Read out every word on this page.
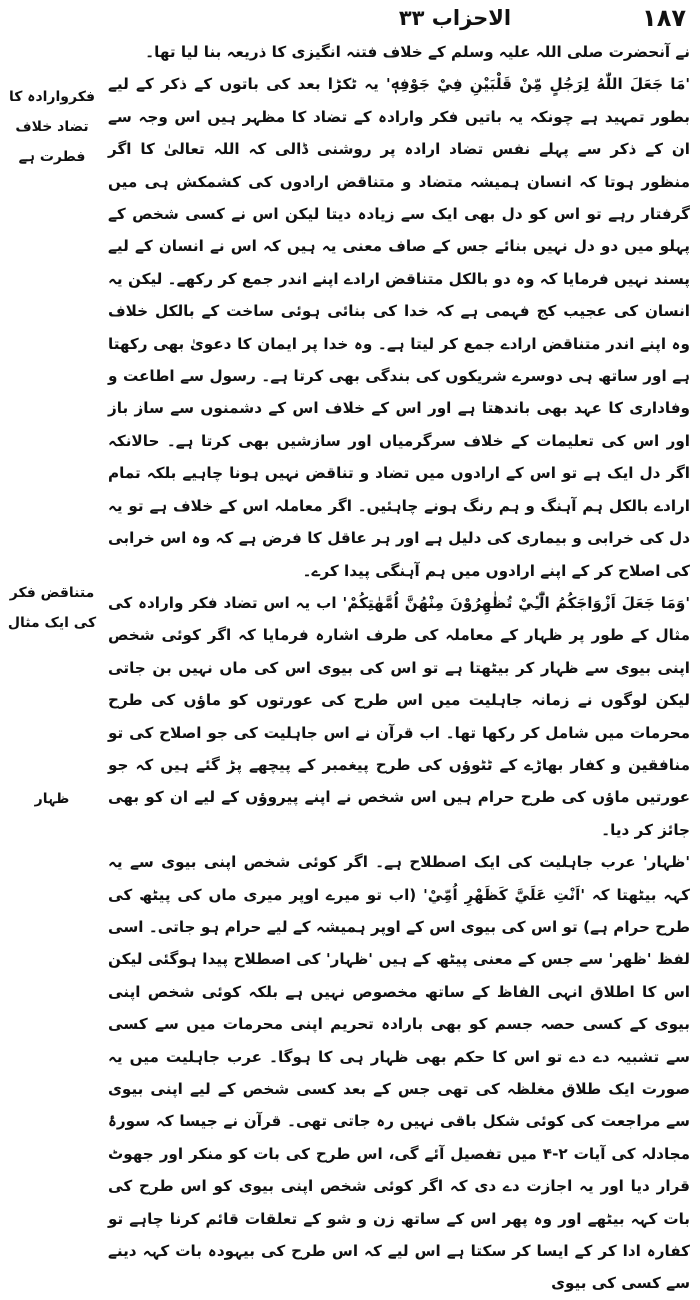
۱۸۷
الاحزاب ۳۳
فکروارادہ کا تضاد خلاف فطرت ہے
متناقض فکر کی ایک مثال
ظہار

نے آنحضرت صلی اللہ علیہ وسلم کے خلاف فتنہ انگیزی کا ذریعہ بنا لیا تھا۔

'مَا جَعَلَ اللّٰهُ لِرَجُلٍ مِّنْ قَلْبَيْنِ فِيْ جَوْفِهٖ' یہ ٹکڑا بعد کی باتوں کے ذکر کے لیے بطور تمہید ہے چونکہ یہ باتیں فکر وارادہ کے تضاد کا مظہر ہیں اس وجہ سے ان کے ذکر سے پہلے نفس تضاد ارادہ پر روشنی ڈالی کہ اللہ تعالیٰ کا اگر منظور ہوتا کہ انسان ہمیشہ متضاد و متناقض ارادوں کی کشمکش ہی میں گرفتار رہے تو اس کو دل بھی ایک سے زیادہ دیتا لیکن اس نے کسی شخص کے پہلو میں دو دل نہیں بنائے جس کے صاف معنی یہ ہیں کہ اس نے انسان کے لیے پسند نہیں فرمایا کہ وہ دو بالکل متناقض ارادے اپنے اندر جمع کر رکھے۔ لیکن یہ انسان کی عجیب کج فہمی ہے کہ خدا کی بنائی ہوئی ساخت کے بالکل خلاف وہ اپنے اندر متناقض ارادے جمع کر لیتا ہے۔ وہ خدا پر ایمان کا دعویٰ بھی رکھتا ہے اور ساتھ ہی دوسرے شریکوں کی بندگی بھی کرتا ہے۔ رسول سے اطاعت و وفاداری کا عہد بھی باندھتا ہے اور اس کے خلاف اس کے دشمنوں سے ساز باز اور اس کی تعلیمات کے خلاف سرگرمیاں اور سازشیں بھی کرتا ہے۔ حالانکہ اگر دل ایک ہے تو اس کے ارادوں میں تضاد و تناقض نہیں ہونا چاہیے بلکہ تمام ارادے بالکل ہم آہنگ و ہم رنگ ہونے چاہئیں۔ اگر معاملہ اس کے خلاف ہے تو یہ دل کی خرابی و بیماری کی دلیل ہے اور ہر عاقل کا فرض ہے کہ وہ اس خرابی کی اصلاح کر کے اپنے ارادوں میں ہم آہنگی پیدا کرے۔

'وَمَا جَعَلَ اَزْوَاجَكُمُ الّٰٓـِٔيْ تُظٰهِرُوْنَ مِنْهُنَّ اُمَّهٰتِكُمْ' اب یہ اس تضاد فکر وارادہ کی مثال کے طور پر ظہار کے معاملہ کی طرف اشارہ فرمایا کہ اگر کوئی شخص اپنی بیوی سے ظہار کر بیٹھتا ہے تو اس کی بیوی اس کی ماں نہیں بن جاتی لیکن لوگوں نے زمانہ جاہلیت میں اس طرح کی عورتوں کو ماؤں کی طرح محرمات میں شامل کر رکھا تھا۔ اب قرآن نے اس جاہلیت کی جو اصلاح کی تو منافقین و کفار بھاڑے کے ٹٹوؤں کی طرح پیغمبر کے پیچھے پڑ گئے ہیں کہ جو عورتیں ماؤں کی طرح حرام ہیں اس شخص نے اپنے پیروؤں کے لیے ان کو بھی جائز کر دیا۔

'ظہار' عرب جاہلیت کی ایک اصطلاح ہے۔ اگر کوئی شخص اپنی بیوی سے یہ کہہ بیٹھتا کہ 'اَنْتِ عَلَيَّ كَظَهْرِ اُمِّيْ' (اب تو میرے اوپر میری ماں کی پیٹھ کی طرح حرام ہے) تو اس کی بیوی اس کے اوپر ہمیشہ کے لیے حرام ہو جاتی۔ اسی لفظ 'ظهر' سے جس کے معنی پیٹھ کے ہیں 'ظہار' کی اصطلاح پیدا ہوگئی لیکن اس کا اطلاق انہی الفاظ کے ساتھ مخصوص نہیں ہے بلکہ کوئی شخص اپنی بیوی کے کسی حصہ جسم کو بھی بارادہ تحریم اپنی محرمات میں سے کسی سے تشبیہ دے دے تو اس کا حکم بھی ظہار ہی کا ہوگا۔ عرب جاہلیت میں یہ صورت ایک طلاق مغلظہ کی تھی جس کے بعد کسی شخص کے لیے اپنی بیوی سے مراجعت کی کوئی شکل باقی نہیں رہ جاتی تھی۔ قرآن نے جیسا کہ سورۂ مجادلہ کی آیات ۲-۴ میں تفصیل آئے گی، اس طرح کی بات کو منکر اور جھوٹ قرار دیا اور یہ اجازت دے دی کہ اگر کوئی شخص اپنی بیوی کو اس طرح کی بات کہہ بیٹھے اور وہ پھر اس کے ساتھ زن و شو کے تعلقات قائم کرنا چاہے تو کفارہ ادا کر کے ایسا کر سکتا ہے اس لیے کہ اس طرح کی بیہودہ بات کہہ دینے سے کسی کی بیوی
